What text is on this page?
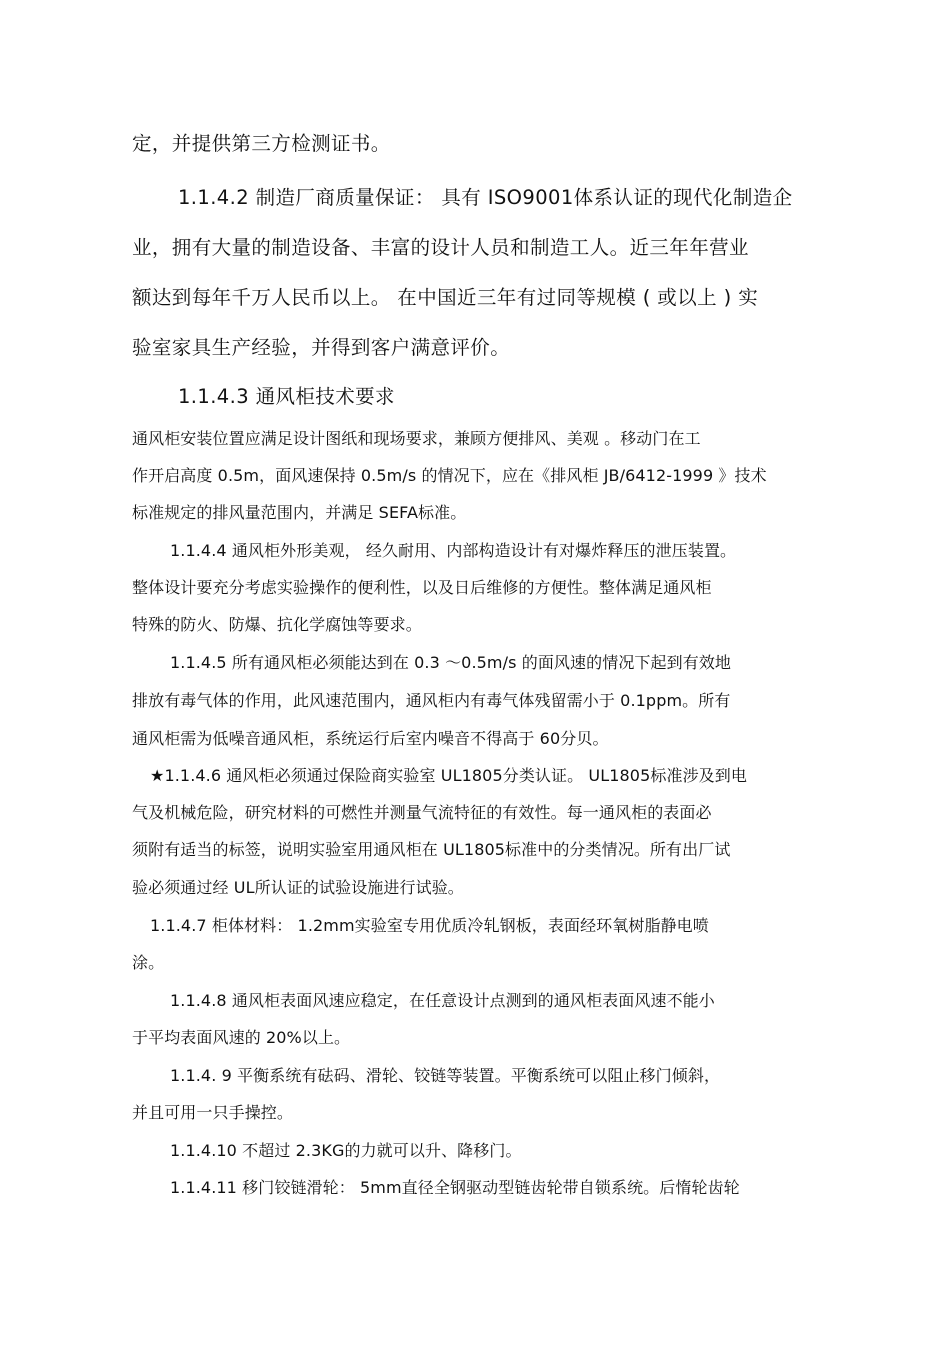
定，并提供第三方检测证书。

1.1.4.2 制造厂商质量保证： 具有 ISO9001体系认证的现代化制造企

业，拥有大量的制造设备、丰富的设计人员和制造工人。近三年年营业

额达到每年千万人民币以上。 在中国近三年有过同等规模 ( 或以上 ) 实

验室家具生产经验，并得到客户满意评价。

1.1.4.3 通风柜技术要求

通风柜安装位置应满足设计图纸和现场要求，兼顾方便排风、美观 。移动门在工

作开启高度 0.5m，面风速保持 0.5m/s 的情况下，应在《排风柜 JB/6412-1999 》技术

标准规定的排风量范围内，并满足 SEFA标准。

1.1.4.4 通风柜外形美观， 经久耐用、内部构造设计有对爆炸释压的泄压装置。

整体设计要充分考虑实验操作的便利性，以及日后维修的方便性。整体满足通风柜

特殊的防火、防爆、抗化学腐蚀等要求。

1.1.4.5 所有通风柜必须能达到在 0.3 ～0.5m/s 的面风速的情况下起到有效地

排放有毒气体的作用，此风速范围内，通风柜内有毒气体残留需小于 0.1ppm。所有

通风柜需为低噪音通风柜，系统运行后室内噪音不得高于 60分贝。

★1.1.4.6 通风柜必须通过保险商实验室 UL1805分类认证。 UL1805标准涉及到电

气及机械危险，研究材料的可燃性并测量气流特征的有效性。每一通风柜的表面必

须附有适当的标签，说明实验室用通风柜在 UL1805标准中的分类情况。所有出厂试

验必须通过经 UL所认证的试验设施进行试验。

1.1.4.7 柜体材料： 1.2mm实验室专用优质冷轧钢板，表面经环氧树脂静电喷

涂。

1.1.4.8 通风柜表面风速应稳定，在任意设计点测到的通风柜表面风速不能小

于平均表面风速的 20%以上。

1.1.4. 9 平衡系统有砝码、滑轮、铰链等装置。平衡系统可以阻止移门倾斜，

并且可用一只手操控。

1.1.4.10 不超过 2.3KG的力就可以升、降移门。

1.1.4.11 移门铰链滑轮： 5mm直径全钢驱动型链齿轮带自锁系统。后惰轮齿轮
